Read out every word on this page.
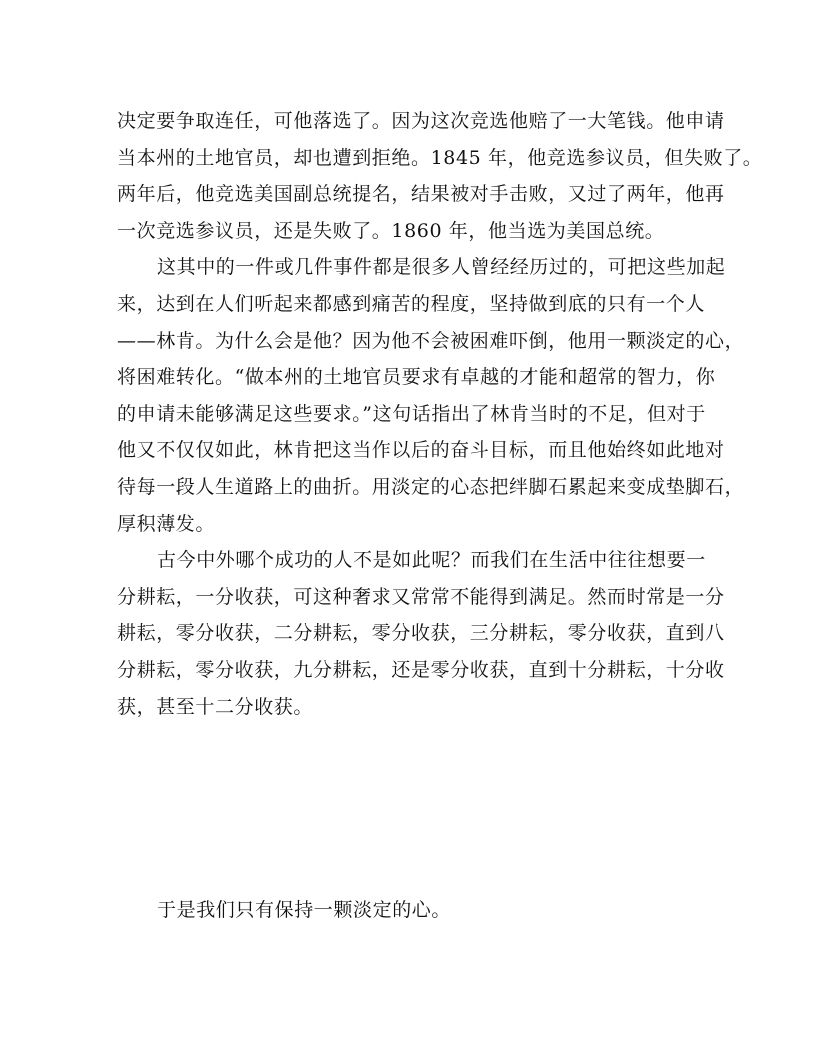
决定要争取连任，可他落选了。因为这次竞选他赔了一大笔钱。他申请
当本州的土地官员，却也遭到拒绝。1845 年，他竞选参议员，但失败了。
两年后，他竞选美国副总统提名，结果被对手击败，又过了两年，他再
一次竞选参议员，还是失败了。1860 年，他当选为美国总统。
这其中的一件或几件事件都是很多人曾经经历过的，可把这些加起
来，达到在人们听起来都感到痛苦的程度，坚持做到底的只有一个人
——林肯。为什么会是他？因为他不会被困难吓倒，他用一颗淡定的心，
将困难转化。“做本州的土地官员要求有卓越的才能和超常的智力，你
的申请未能够满足这些要求。”这句话指出了林肯当时的不足，但对于
他又不仅仅如此，林肯把这当作以后的奋斗目标，而且他始终如此地对
待每一段人生道路上的曲折。用淡定的心态把绊脚石累起来变成垫脚石，
厚积薄发。
古今中外哪个成功的人不是如此呢？而我们在生活中往往想要一
分耕耘，一分收获，可这种奢求又常常不能得到满足。然而时常是一分
耕耘，零分收获，二分耕耘，零分收获，三分耕耘，零分收获，直到八
分耕耘，零分收获，九分耕耘，还是零分收获，直到十分耕耘，十分收
获，甚至十二分收获。
于是我们只有保持一颗淡定的心。
